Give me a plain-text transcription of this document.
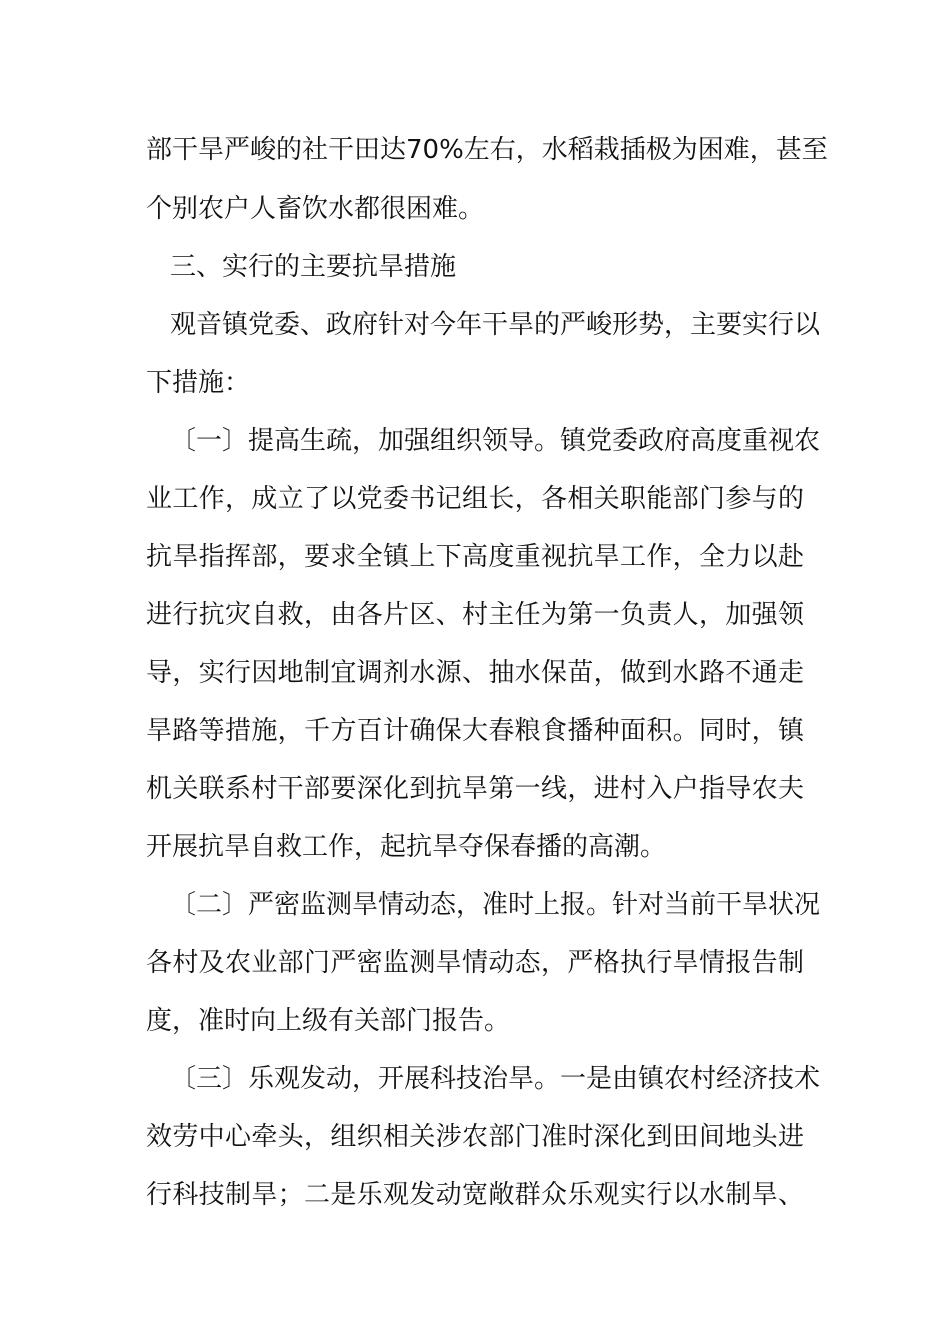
部干旱严峻的社干田达70%左右，水稻栽插极为困难，甚至

个别农户人畜饮水都很困难。

三、实行的主要抗旱措施

观音镇党委、政府针对今年干旱的严峻形势，主要实行以

下措施：

〔一〕提高生疏，加强组织领导。镇党委政府高度重视农

业工作，成立了以党委书记组长，各相关职能部门参与的

抗旱指挥部，要求全镇上下高度重视抗旱工作，全力以赴

进行抗灾自救，由各片区、村主任为第一负责人，加强领

导，实行因地制宜调剂水源、抽水保苗，做到水路不通走

旱路等措施，千方百计确保大春粮食播种面积。同时，镇

机关联系村干部要深化到抗旱第一线，进村入户指导农夫

开展抗旱自救工作，起抗旱夺保春播的高潮。

〔二〕严密监测旱情动态，准时上报。针对当前干旱状况

各村及农业部门严密监测旱情动态，严格执行旱情报告制

度，准时向上级有关部门报告。

〔三〕乐观发动，开展科技治旱。一是由镇农村经济技术

效劳中心牵头，组织相关涉农部门准时深化到田间地头进

行科技制旱；二是乐观发动宽敞群众乐观实行以水制旱、
